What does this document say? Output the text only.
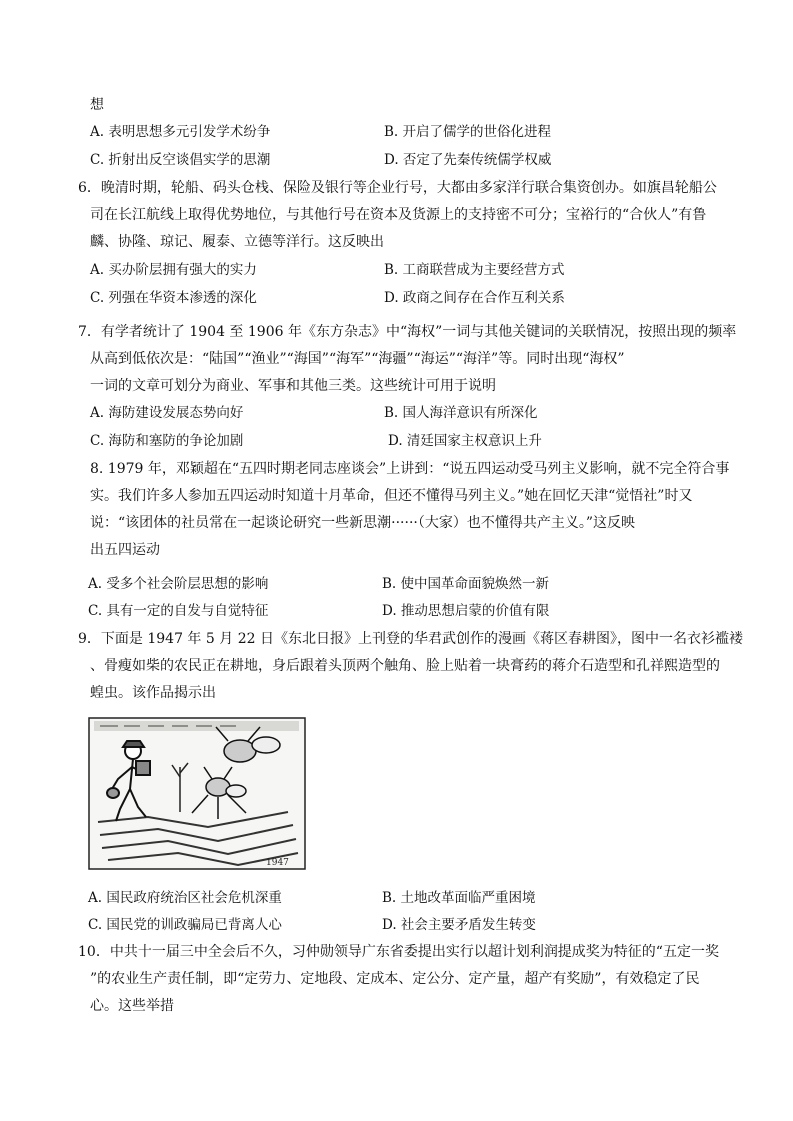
想
A. 表明思想多元引发学术纷争	B. 开启了儒学的世俗化进程
C. 折射出反空谈倡实学的思潮	D. 否定了先秦传统儒学权威
6．晚清时期，轮船、码头仓栈、保险及银行等企业行号，大都由多家洋行联合集资创办。如旗昌轮船公
司在长江航线上取得优势地位，与其他行号在资本及货源上的支持密不可分；宝裕行的“合伙人”有鲁
麟、协隆、琼记、履泰、立德等洋行。这反映出
A. 买办阶层拥有强大的实力	B. 工商联营成为主要经营方式
C. 列强在华资本渗透的深化	D. 政商之间存在合作互利关系
7．有学者统计了 1904 至 1906 年《东方杂志》中“海权”一词与其他关键词的关联情况，按照出现的频率
从高到低依次是：“陆国”“渔业”“海国”“海军”“海疆”“海运”“海洋”等。同时出现“海权”
一词的文章可划分为商业、军事和其他三类。这些统计可用于说明
A. 海防建设发展态势向好	B. 国人海洋意识有所深化
C. 海防和塞防的争论加剧	D. 清廷国家主权意识上升
8. 1979 年，邓颖超在“五四时期老同志座谈会”上讲到：“说五四运动受马列主义影响，就不完全符合事
实。我们许多人参加五四运动时知道十月革命，但还不懂得马列主义。”她在回忆天津“觉悟社”时又
说：“该团体的社员常在一起谈论研究一些新思潮······（大家）也不懂得共产主义。”这反映
出五四运动
A. 受多个社会阶层思想的影响	B. 使中国革命面貌焕然一新
C. 具有一定的自发与自觉特征	D. 推动思想启蒙的价值有限
9．下面是 1947 年 5 月 22 日《东北日报》上刊登的华君武创作的漫画《蒋区春耕图》，图中一名衣衫褴褛
、骨瘦如柴的农民正在耕地，身后跟着头顶两个触角、脸上贴着一块膏药的蒋介石造型和孔祥熙造型的
蝗虫。该作品揭示出
1947
A. 国民政府统治区社会危机深重	B. 土地改革面临严重困境
C. 国民党的训政骗局已背离人心	D. 社会主要矛盾发生转变
10．中共十一届三中全会后不久，习仲勋领导广东省委提出实行以超计划利润提成奖为特征的“五定一奖
”的农业生产责任制，即“定劳力、定地段、定成本、定公分、定产量，超产有奖励”，有效稳定了民
心。这些举措
